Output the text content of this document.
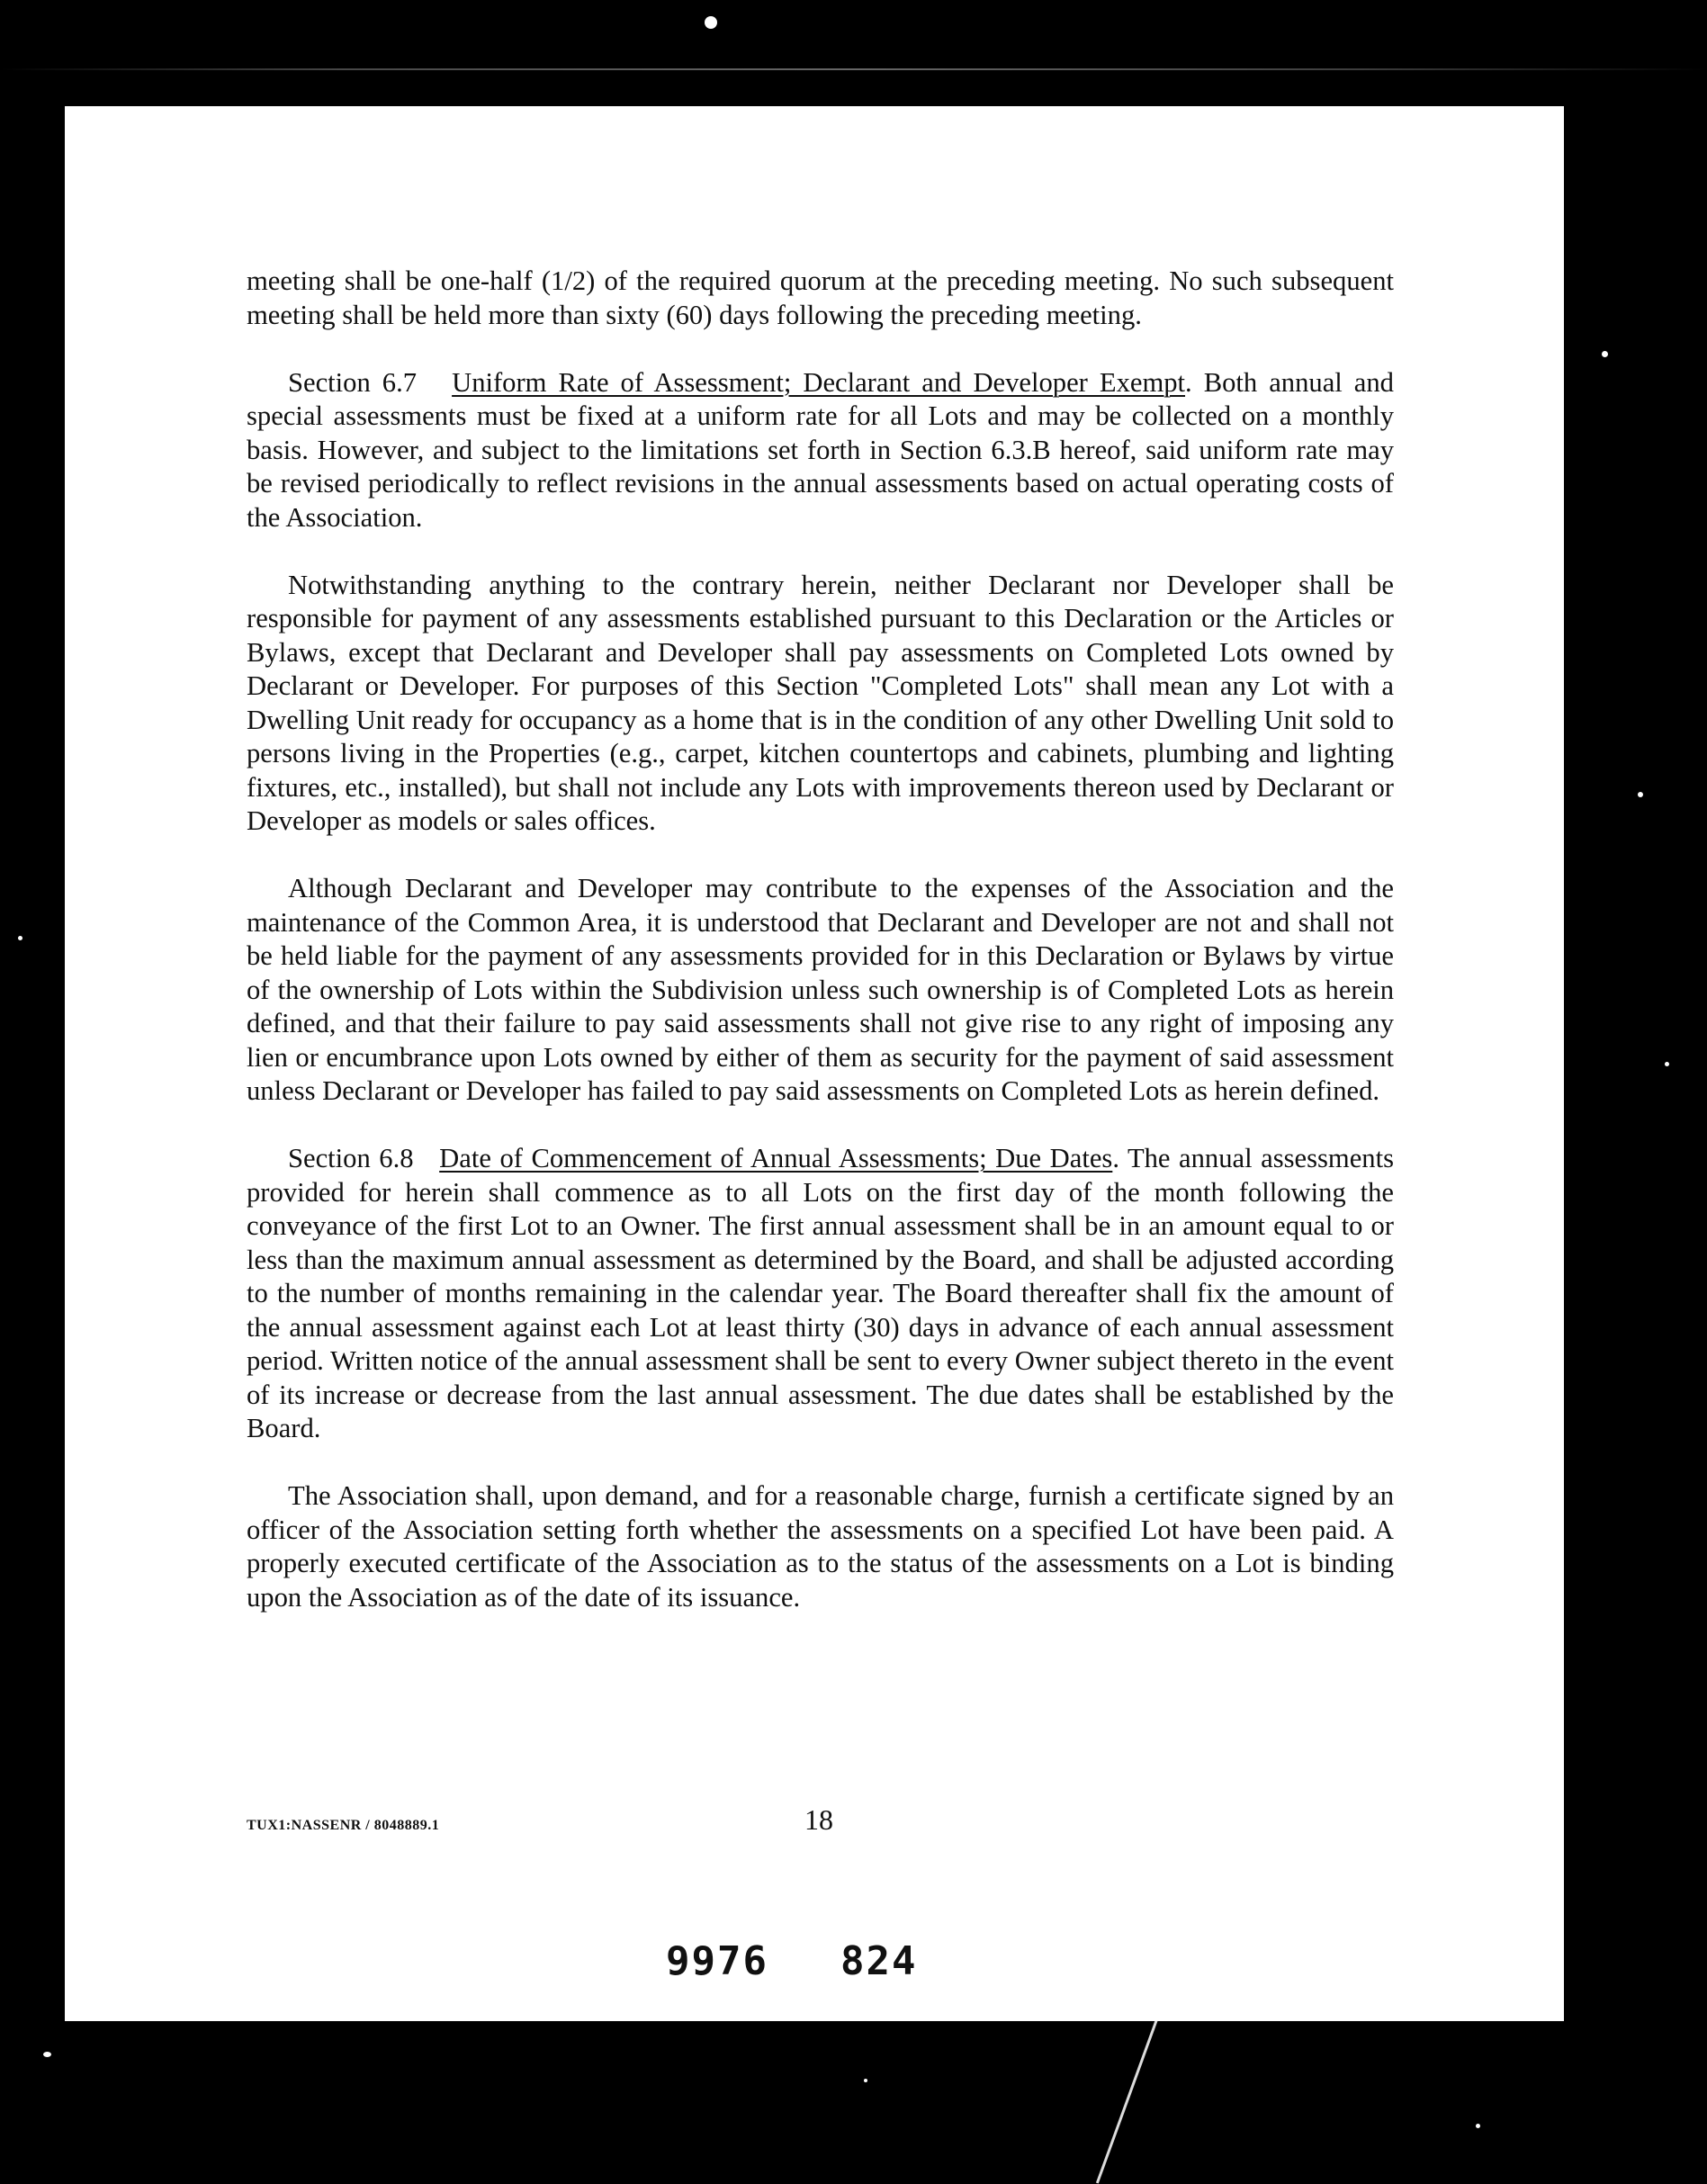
meeting shall be one-half (1/2) of the required quorum at the preceding meeting. No such subsequent meeting shall be held more than sixty (60) days following the preceding meeting.

Section 6.7 Uniform Rate of Assessment; Declarant and Developer Exempt. Both annual and special assessments must be fixed at a uniform rate for all Lots and may be collected on a monthly basis. However, and subject to the limitations set forth in Section 6.3.B hereof, said uniform rate may be revised periodically to reflect revisions in the annual assessments based on actual operating costs of the Association.

Notwithstanding anything to the contrary herein, neither Declarant nor Developer shall be responsible for payment of any assessments established pursuant to this Declaration or the Articles or Bylaws, except that Declarant and Developer shall pay assessments on Completed Lots owned by Declarant or Developer. For purposes of this Section "Completed Lots" shall mean any Lot with a Dwelling Unit ready for occupancy as a home that is in the condition of any other Dwelling Unit sold to persons living in the Properties (e.g., carpet, kitchen countertops and cabinets, plumbing and lighting fixtures, etc., installed), but shall not include any Lots with improvements thereon used by Declarant or Developer as models or sales offices.

Although Declarant and Developer may contribute to the expenses of the Association and the maintenance of the Common Area, it is understood that Declarant and Developer are not and shall not be held liable for the payment of any assessments provided for in this Declaration or Bylaws by virtue of the ownership of Lots within the Subdivision unless such ownership is of Completed Lots as herein defined, and that their failure to pay said assessments shall not give rise to any right of imposing any lien or encumbrance upon Lots owned by either of them as security for the payment of said assessment unless Declarant or Developer has failed to pay said assessments on Completed Lots as herein defined.

Section 6.8 Date of Commencement of Annual Assessments; Due Dates. The annual assessments provided for herein shall commence as to all Lots on the first day of the month following the conveyance of the first Lot to an Owner. The first annual assessment shall be in an amount equal to or less than the maximum annual assessment as determined by the Board, and shall be adjusted according to the number of months remaining in the calendar year. The Board thereafter shall fix the amount of the annual assessment against each Lot at least thirty (30) days in advance of each annual assessment period. Written notice of the annual assessment shall be sent to every Owner subject thereto in the event of its increase or decrease from the last annual assessment. The due dates shall be established by the Board.

The Association shall, upon demand, and for a reasonable charge, furnish a certificate signed by an officer of the Association setting forth whether the assessments on a specified Lot have been paid. A properly executed certificate of the Association as to the status of the assessments on a Lot is binding upon the Association as of the date of its issuance.

TUX1:NASSENR / 8048889.1	18
9976 824
